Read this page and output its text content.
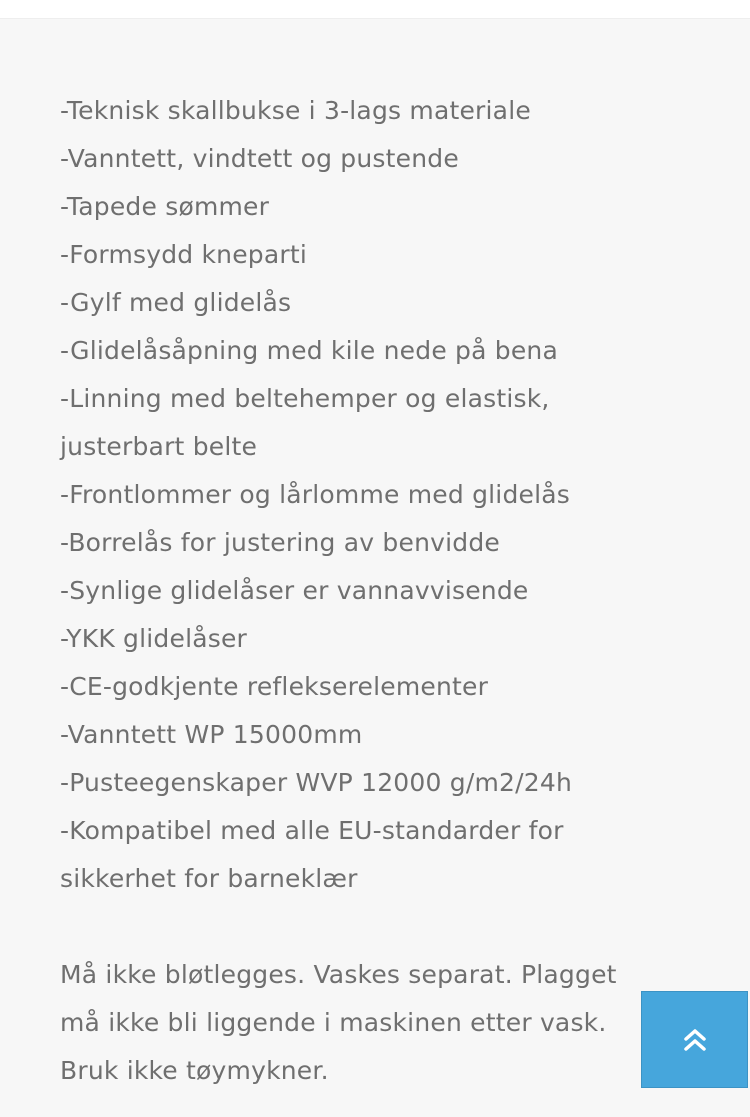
-Teknisk skallbukse i 3-lags materiale
-Vanntett, vindtett og pustende
-Tapede sømmer
-Formsydd kneparti
-Gylf med glidelås
-Glidelåsåpning med kile nede på bena
-Linning med beltehemper og elastisk, justerbart belte
-Frontlommer og lårlomme med glidelås
-Borrelås for justering av benvidde
-Synlige glidelåser er vannavvisende
-YKK glidelåser
-CE-godkjente reflekserelementer
-Vanntett WP 15000mm
-Pusteegenskaper WVP 12000 g/m2/24h
-Kompatibel med alle EU-standarder for sikkerhet for barneklær

Må ikke bløtlegges. Vaskes separat. Plagget må ikke bli liggende i maskinen etter vask. Bruk ikke tøymykner.
